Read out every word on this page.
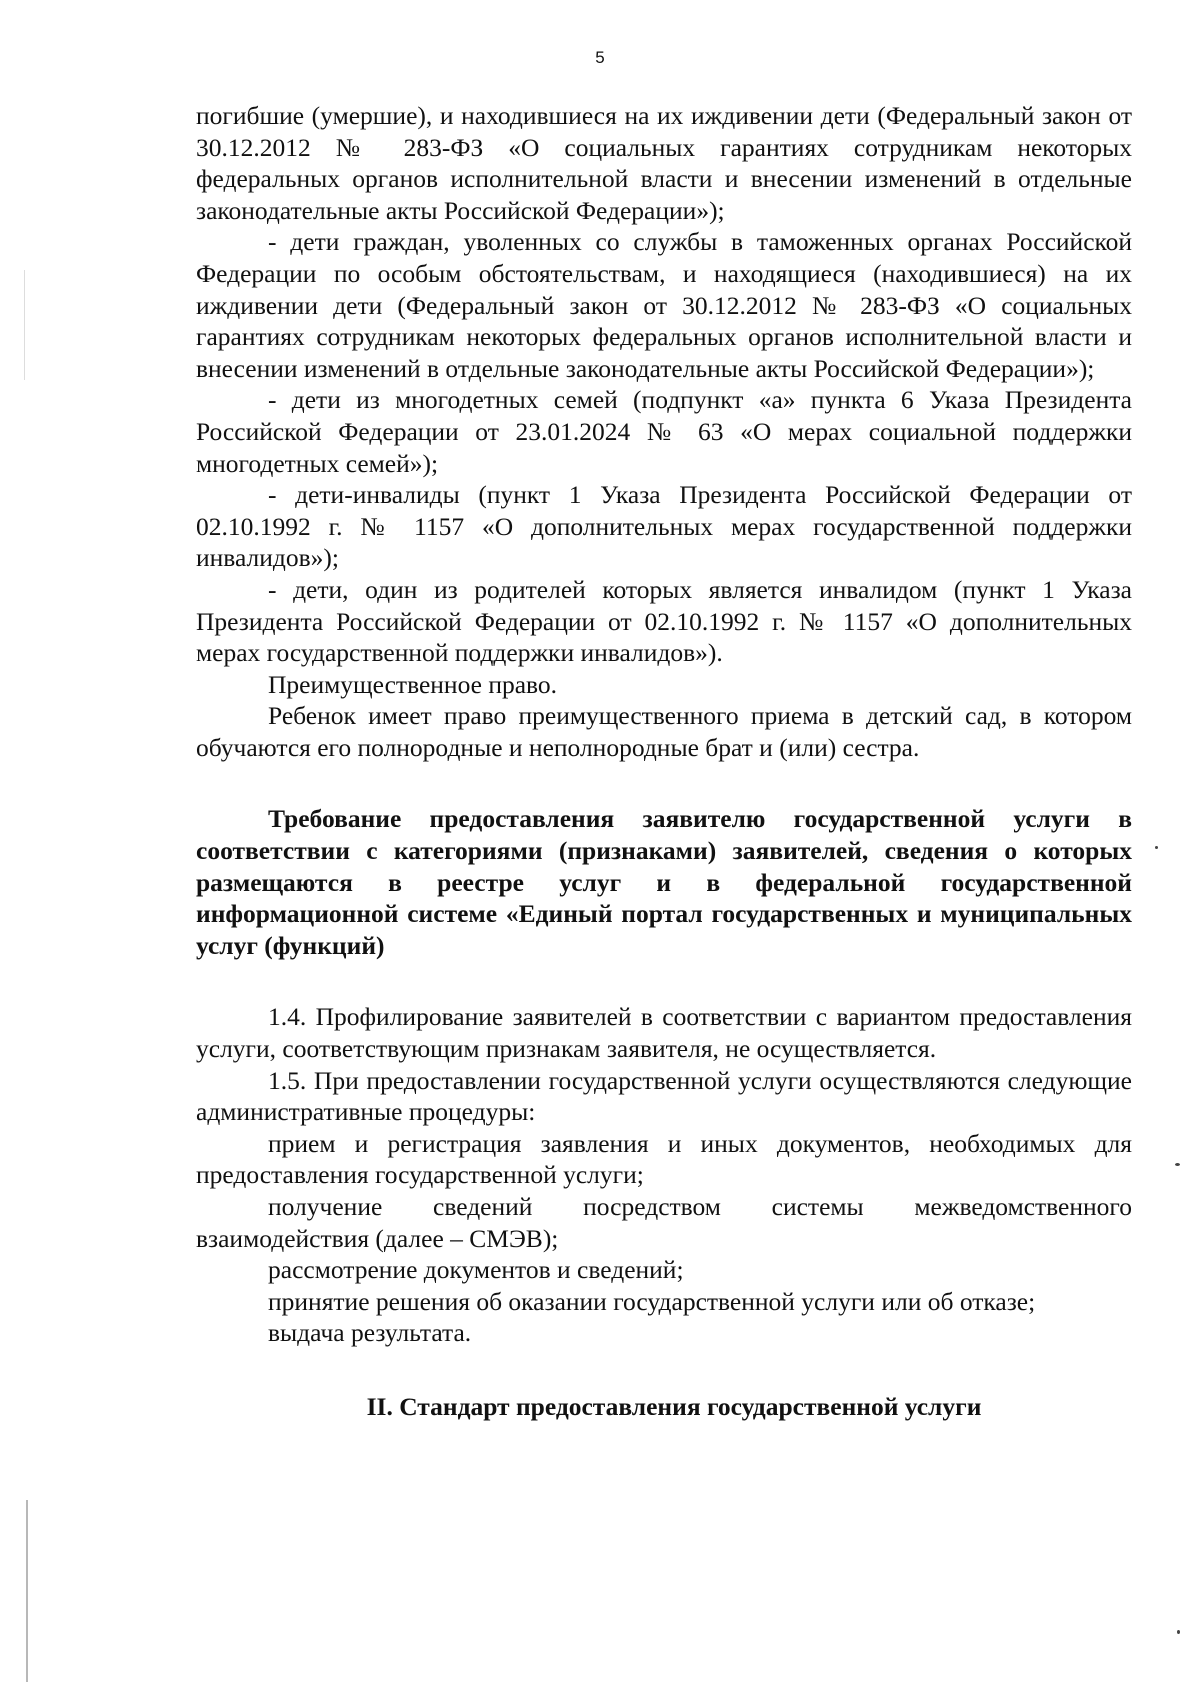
5

погибшие (умершие), и находившиеся на их иждивении дети (Федеральный закон от 30.12.2012 № 283-ФЗ «О социальных гарантиях сотрудникам некоторых федеральных органов исполнительной власти и внесении изменений в отдельные законодательные акты Российской Федерации»);

- дети граждан, уволенных со службы в таможенных органах Российской Федерации по особым обстоятельствам, и находящиеся (находившиеся) на их иждивении дети (Федеральный закон от 30.12.2012 № 283-ФЗ «О социальных гарантиях сотрудникам некоторых федеральных органов исполнительной власти и внесении изменений в отдельные законодательные акты Российской Федерации»);

- дети из многодетных семей (подпункт «а» пункта 6 Указа Президента Российской Федерации от 23.01.2024 № 63 «О мерах социальной поддержки многодетных семей»);

- дети-инвалиды (пункт 1 Указа Президента Российской Федерации от 02.10.1992 г. № 1157 «О дополнительных мерах государственной поддержки инвалидов»);

- дети, один из родителей которых является инвалидом (пункт 1 Указа Президента Российской Федерации от 02.10.1992 г. № 1157 «О дополнительных мерах государственной поддержки инвалидов»).

Преимущественное право.

Ребенок имеет право преимущественного приема в детский сад, в котором обучаются его полнородные и неполнородные брат и (или) сестра.

Требование предоставления заявителю государственной услуги в соответствии с категориями (признаками) заявителей, сведения о которых размещаются в реестре услуг и в федеральной государственной информационной системе «Единый портал государственных и муниципальных услуг (функций)

1.4. Профилирование заявителей в соответствии с вариантом предоставления услуги, соответствующим признакам заявителя, не осуществляется.

1.5. При предоставлении государственной услуги осуществляются следующие административные процедуры:

прием и регистрация заявления и иных документов, необходимых для предоставления государственной услуги;

получение сведений посредством системы межведомственного взаимодействия (далее – СМЭВ);

рассмотрение документов и сведений;

принятие решения об оказании государственной услуги или об отказе;

выдача результата.

II. Стандарт предоставления государственной услуги
